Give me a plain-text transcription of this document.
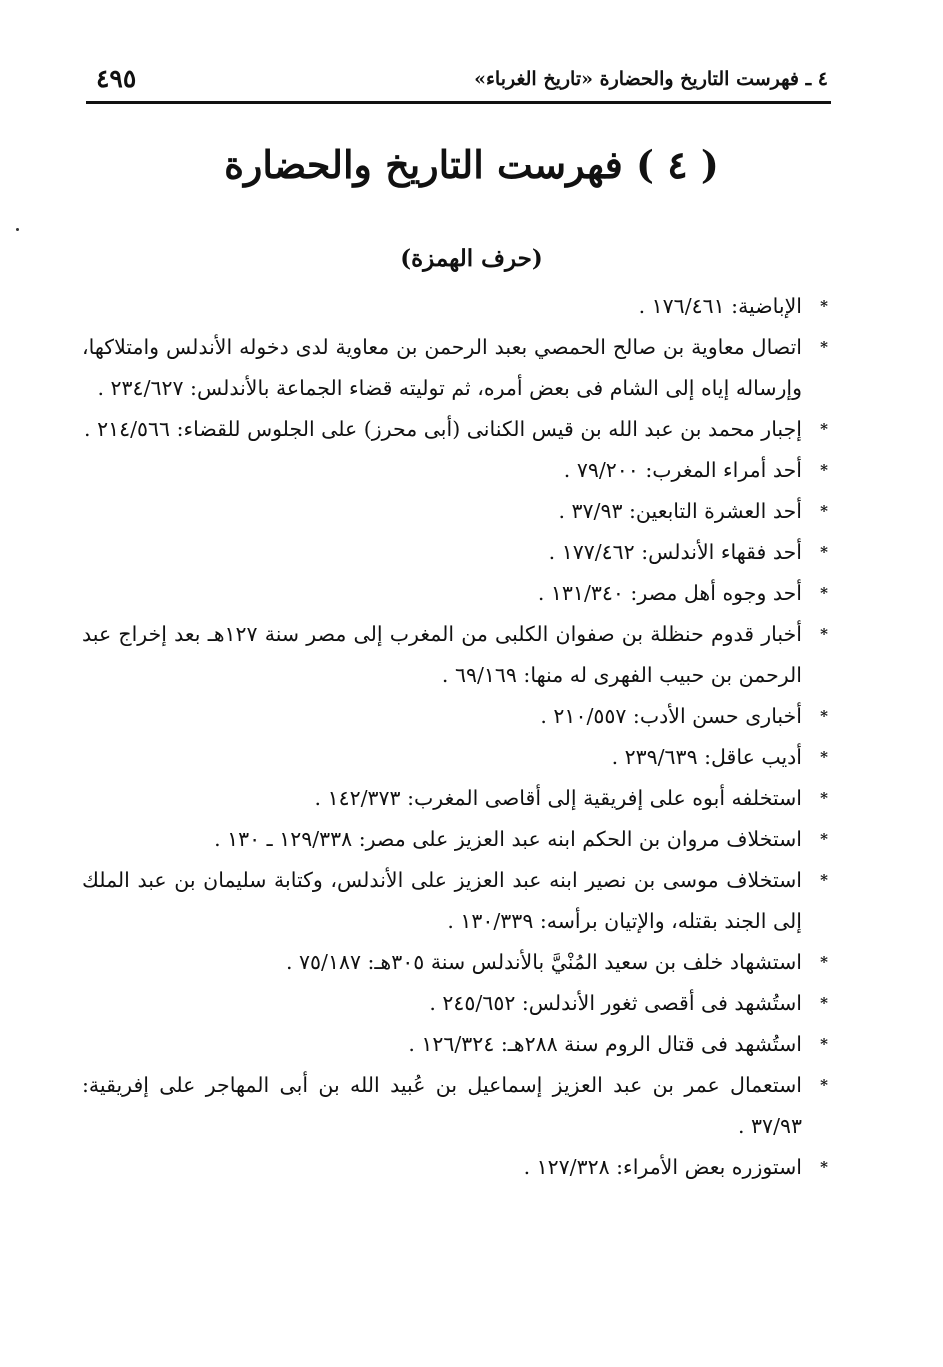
٤ ـ فهرست التاريخ والحضارة «تاريخ الغرباء»
٤٩٥
( ٤ ) فهرست التاريخ والحضارة
(حرف الهمزة)
*
الإباضية: ١٧٦/٤٦١ .
*
اتصال معاوية بن صالح الحمصي بعبد الرحمن بن معاوية لدى دخوله الأندلس وامتلاكها، وإرساله إياه إلى الشام فى بعض أمره، ثم توليته قضاء الجماعة بالأندلس: ٢٣٤/٦٢٧ .
*
إجبار محمد بن عبد الله بن قيس الكنانى (أبى محرز) على الجلوس للقضاء: ٢١٤/٥٦٦ .
*
أحد أمراء المغرب: ٧٩/٢٠٠ .
*
أحد العشرة التابعين: ٣٧/٩٣ .
*
أحد فقهاء الأندلس: ١٧٧/٤٦٢ .
*
أحد وجوه أهل مصر: ١٣١/٣٤٠ .
*
أخبار قدوم حنظلة بن صفوان الكلبى من المغرب إلى مصر سنة ١٢٧هـ بعد إخراج عبد الرحمن بن حبيب الفهرى له منها: ٦٩/١٦٩ .
*
أخبارى حسن الأدب: ٢١٠/٥٥٧ .
*
أديب عاقل: ٢٣٩/٦٣٩ .
*
استخلفه أبوه على إفريقية إلى أقاصى المغرب: ١٤٢/٣٧٣ .
*
استخلاف مروان بن الحكم ابنه عبد العزيز على مصر: ١٢٩/٣٣٨ ـ ١٣٠ .
*
استخلاف موسى بن نصير ابنه عبد العزيز على الأندلس، وكتابة سليمان بن عبد الملك إلى الجند بقتله، والإتيان برأسه: ١٣٠/٣٣٩ .
*
استشهاد خلف بن سعيد المُنْيَّ بالأندلس سنة ٣٠٥هـ: ٧٥/١٨٧ .
*
استُشهد فى أقصى ثغور الأندلس: ٢٤٥/٦٥٢ .
*
استُشهد فى قتال الروم سنة ٢٨٨هـ: ١٢٦/٣٢٤ .
*
استعمال عمر بن عبد العزيز إسماعيل بن عُبيد الله بن أبى المهاجر على إفريقية: ٣٧/٩٣ .
*
استوزره بعض الأمراء: ١٢٧/٣٢٨ .
